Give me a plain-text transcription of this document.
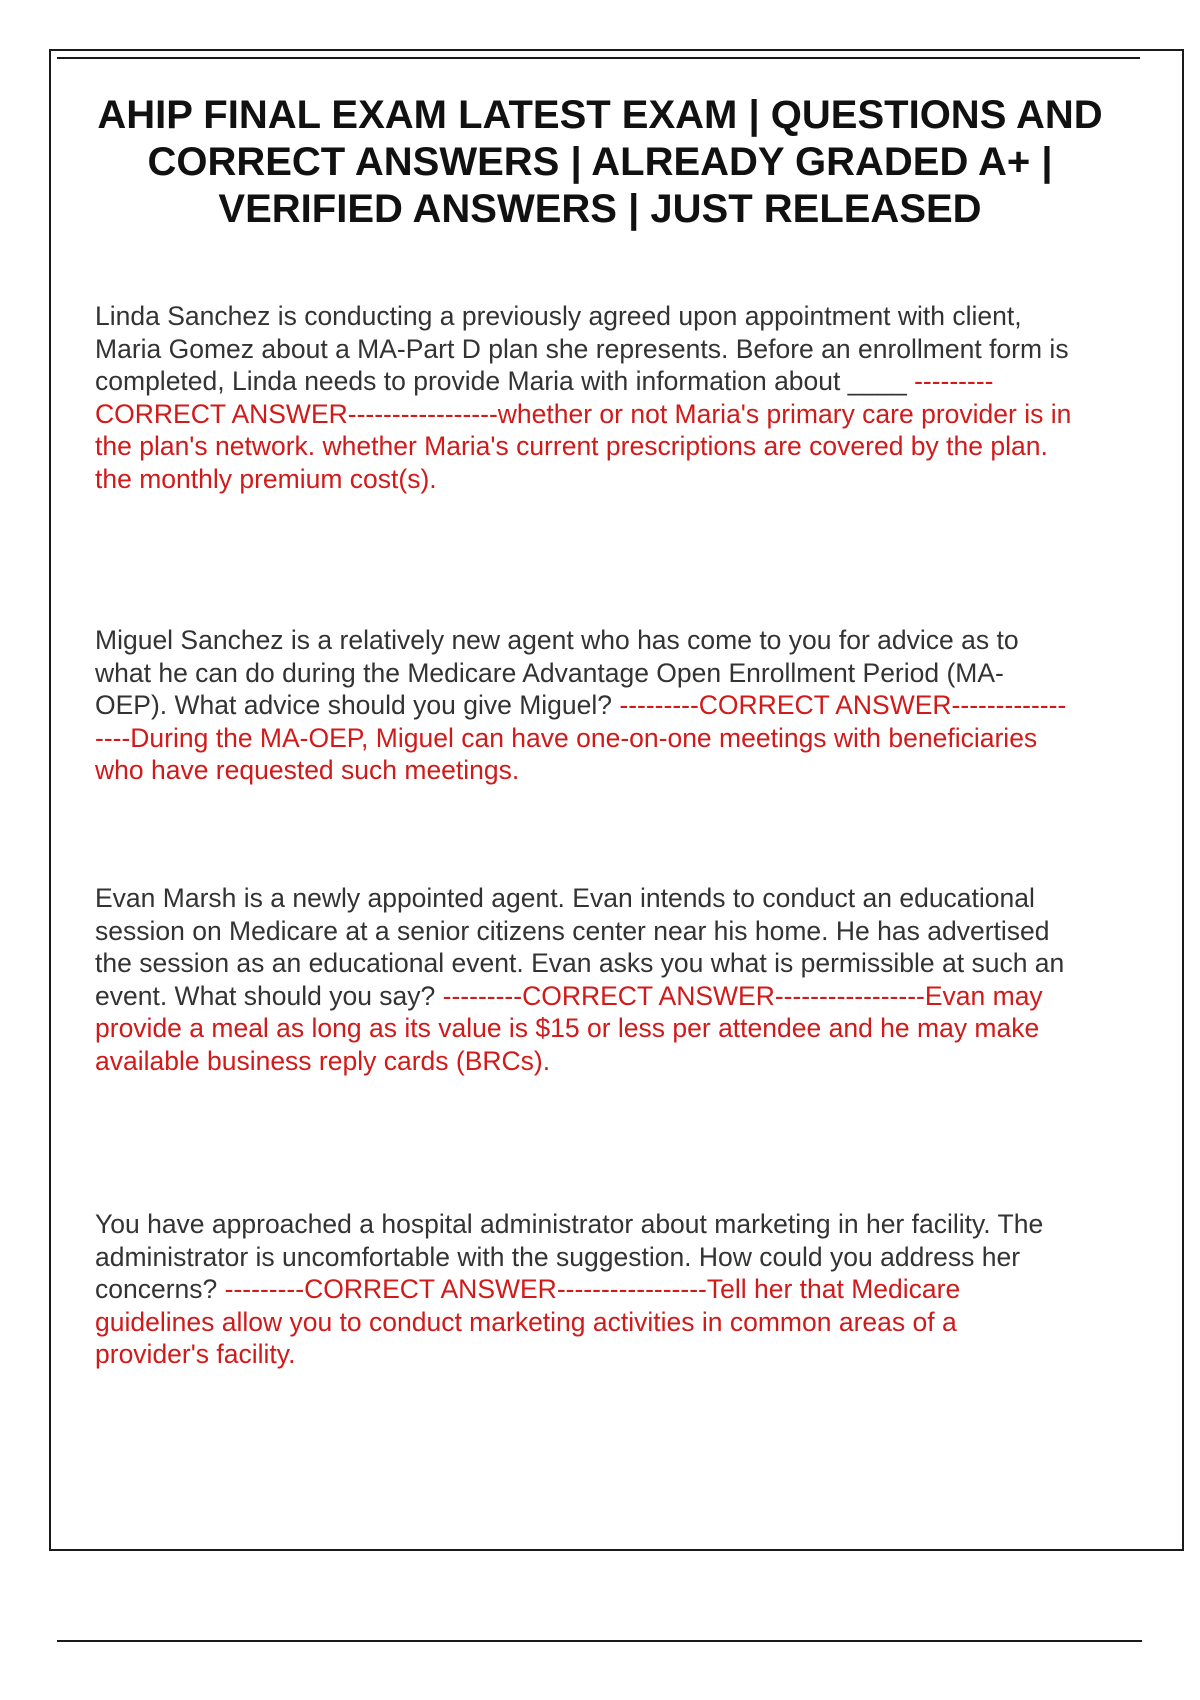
AHIP FINAL EXAM LATEST EXAM | QUESTIONS AND CORRECT ANSWERS | ALREADY GRADED A+ | VERIFIED ANSWERS | JUST RELEASED

Linda Sanchez is conducting a previously agreed upon appointment with client, Maria Gomez about a MA-Part D plan she represents. Before an enrollment form is completed, Linda needs to provide Maria with information about ____ ---------CORRECT ANSWER-----------------whether or not Maria's primary care provider is in the plan's network. whether Maria's current prescriptions are covered by the plan. the monthly premium cost(s).

Miguel Sanchez is a relatively new agent who has come to you for advice as to what he can do during the Medicare Advantage Open Enrollment Period (MA-OEP). What advice should you give Miguel? ---------CORRECT ANSWER-----------------During the MA-OEP, Miguel can have one-on-one meetings with beneficiaries who have requested such meetings.

Evan Marsh is a newly appointed agent. Evan intends to conduct an educational session on Medicare at a senior citizens center near his home. He has advertised the session as an educational event. Evan asks you what is permissible at such an event. What should you say? ---------CORRECT ANSWER-----------------Evan may provide a meal as long as its value is $15 or less per attendee and he may make available business reply cards (BRCs).

You have approached a hospital administrator about marketing in her facility. The administrator is uncomfortable with the suggestion. How could you address her concerns? ---------CORRECT ANSWER-----------------Tell her that Medicare guidelines allow you to conduct marketing activities in common areas of a provider's facility.
